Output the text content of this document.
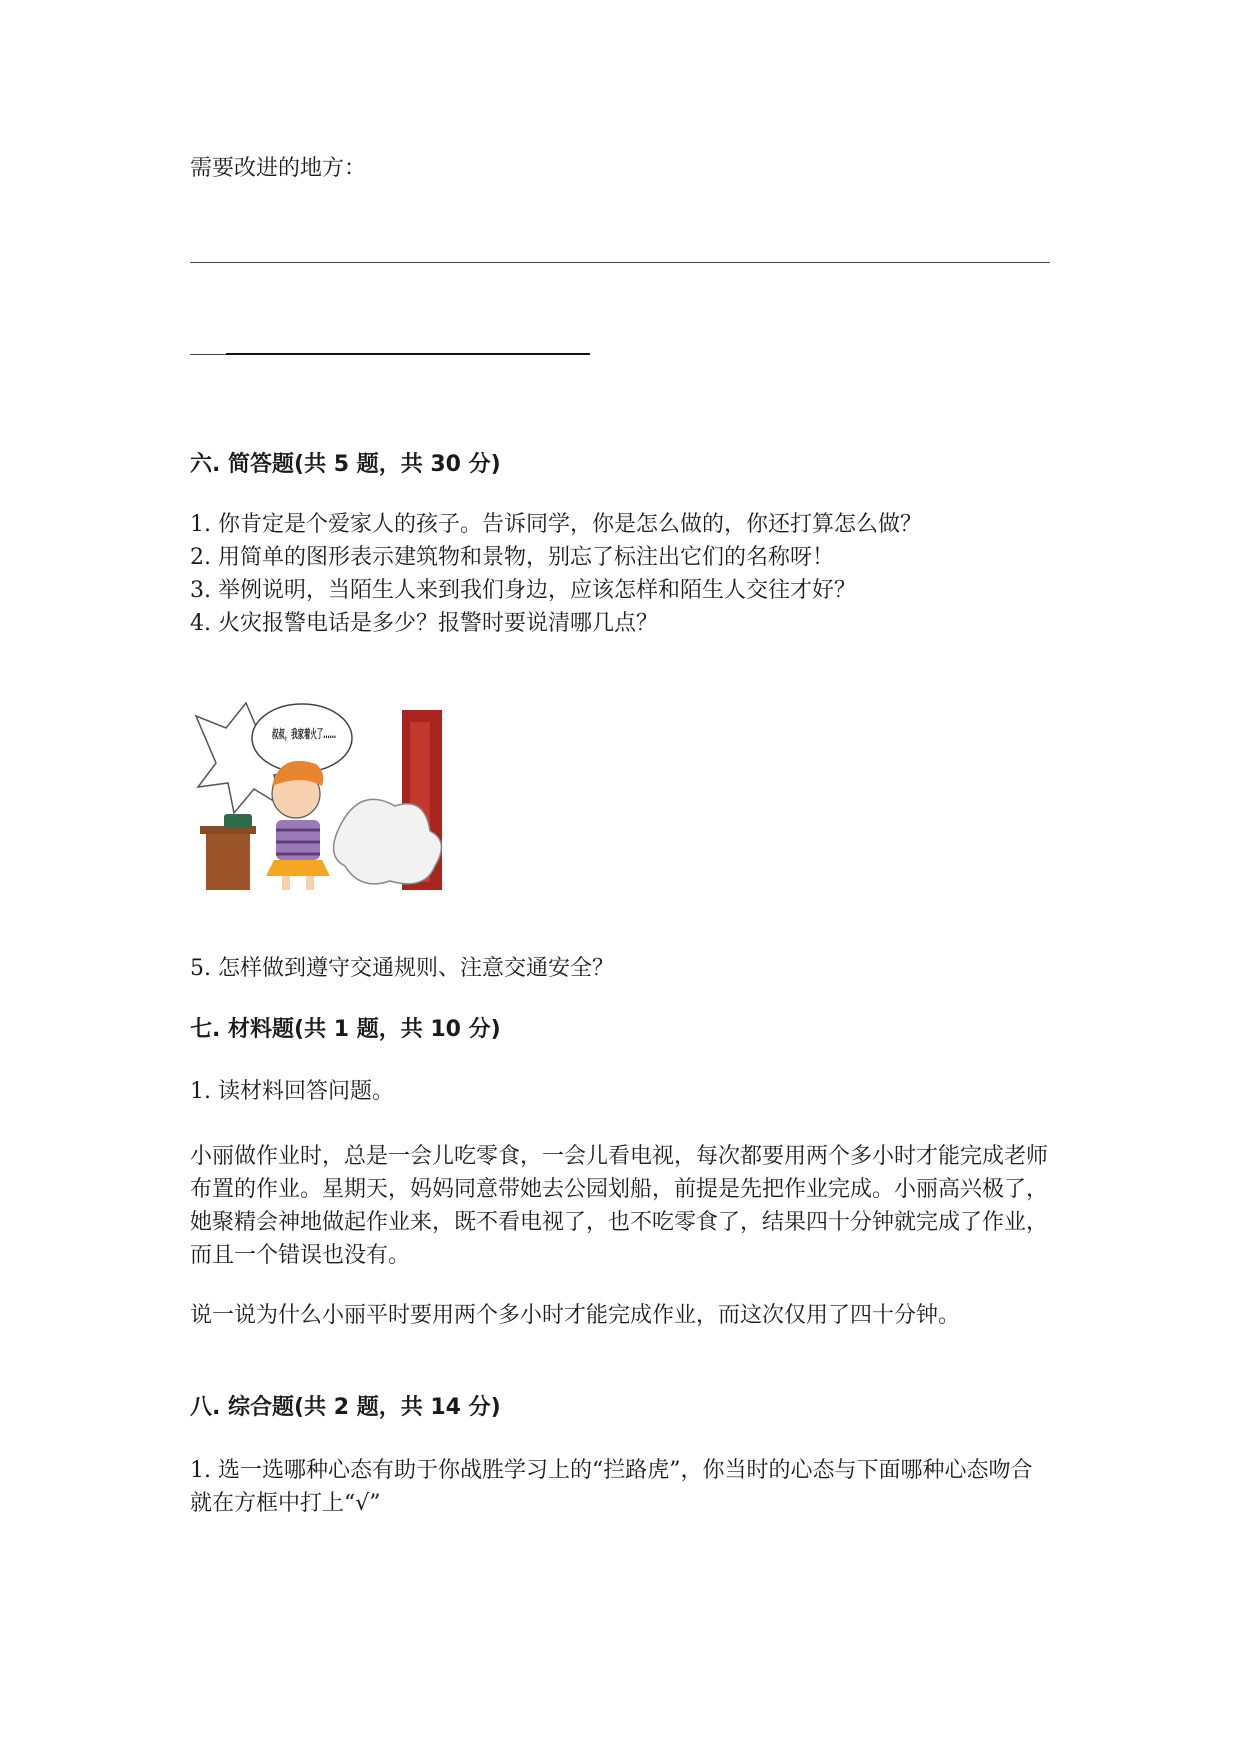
需要改进的地方：

六. 简答题(共 5 题，共 30 分)

1. 你肯定是个爱家人的孩子。告诉同学，你是怎么做的，你还打算怎么做？

2. 用简单的图形表示建筑物和景物，别忘了标注出它们的名称呀！

3. 举例说明，当陌生人来到我们身边，应该怎样和陌生人交往才好？

4. 火灾报警电话是多少？报警时要说清哪几点？

叔叔，我家着火了……

5. 怎样做到遵守交通规则、注意交通安全？

七. 材料题(共 1 题，共 10 分)

1. 读材料回答问题。

小丽做作业时，总是一会儿吃零食，一会儿看电视，每次都要用两个多小时才能完成老师布置的作业。星期天，妈妈同意带她去公园划船，前提是先把作业完成。小丽高兴极了，她聚精会神地做起作业来，既不看电视了，也不吃零食了，结果四十分钟就完成了作业，而且一个错误也没有。

说一说为什么小丽平时要用两个多小时才能完成作业，而这次仅用了四十分钟。

八. 综合题(共 2 题，共 14 分)

1. 选一选哪种心态有助于你战胜学习上的“拦路虎”，你当时的心态与下面哪种心态吻合就在方框中打上“√”
